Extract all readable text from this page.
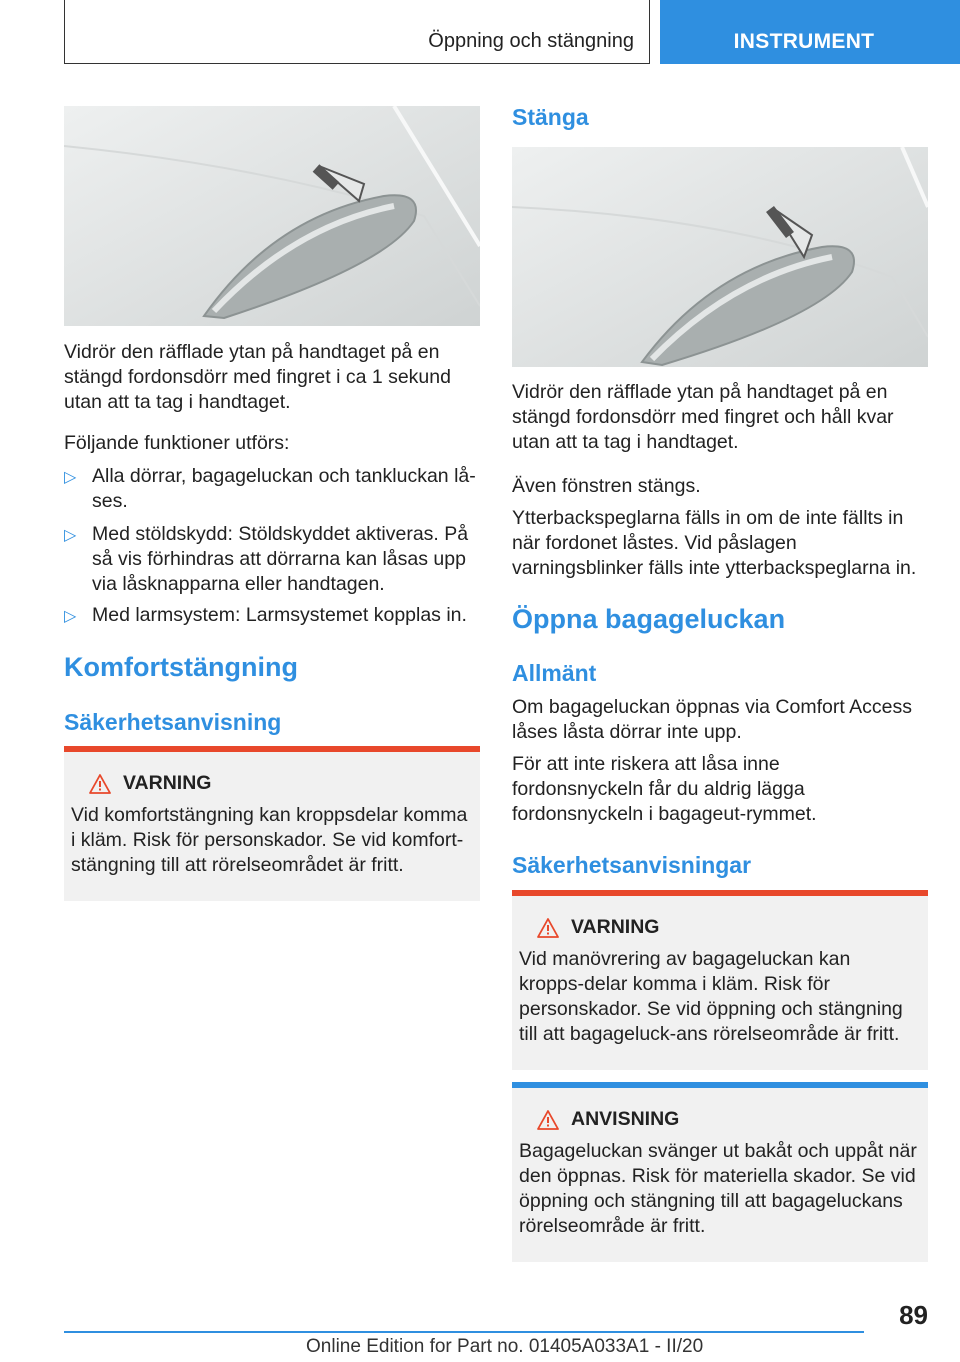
Öppning och stängning	INSTRUMENT

Vidrör den räfflade ytan på handtaget på en stängd fordonsdörr med fingret i ca 1 sekund utan att ta tag i handtaget.

Följande funktioner utförs:

▷ Alla dörrar, bagageluckan och tankluckan lå-ses.

▷ Med stöldskydd: Stöldskyddet aktiveras. På så vis förhindras att dörrarna kan låsas upp via låsknapparna eller handtagen.

▷ Med larmsystem: Larmsystemet kopplas in.

Komfortstängning
Säkerhetsanvisning
VARNING

Vid komfortstängning kan kroppsdelar komma i kläm. Risk för personskador. Se vid komfort-stängning till att rörelseområdet är fritt.

Stänga

Vidrör den räfflade ytan på handtaget på en stängd fordonsdörr med fingret och håll kvar utan att ta tag i handtaget.

Även fönstren stängs.

Ytterbackspeglarna fälls in om de inte fällts in när fordonet låstes. Vid påslagen varningsblinker fälls inte ytterbackspeglarna in.

Öppna bagageluckan
Allmänt

Om bagageluckan öppnas via Comfort Access låses låsta dörrar inte upp.

För att inte riskera att låsa inne fordonsnyckeln får du aldrig lägga fordonsnyckeln i bagageut-rymmet.

Säkerhetsanvisningar
VARNING

Vid manövrering av bagageluckan kan kropps-delar komma i kläm. Risk för personskador. Se vid öppning och stängning till att bagageluck-ans rörelseområde är fritt.

ANVISNING

Bagageluckan svänger ut bakåt och uppåt när den öppnas. Risk för materiella skador. Se vid öppning och stängning till att bagageluckans rörelseområde är fritt.

89
Online Edition for Part no. 01405A033A1 - II/20
